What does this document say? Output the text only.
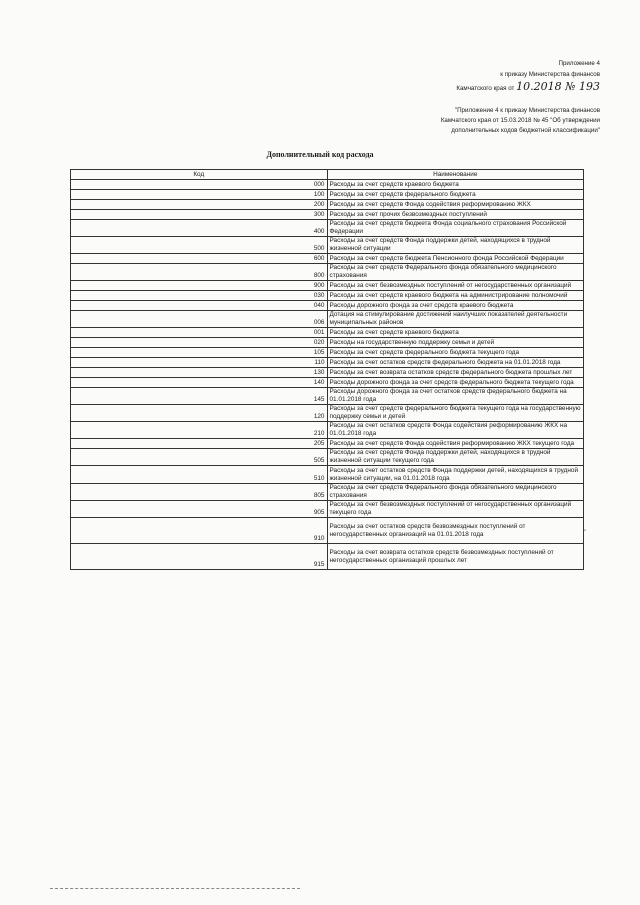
Приложение 4
к приказу Министерства финансов
Камчатского края от 10.2018 № 193
"Приложение 4 к приказу Министерства финансов
Камчатского края от 15.03.2018 № 45 "Об утверждении
дополнительных кодов бюджетной классификации"
Дополнительный код расхода
Код	Наименование
000	Расходы за счет средств краевого бюджета
100	Расходы за счет средств федерального бюджета
200	Расходы за счет средств Фонда содействия реформированию ЖКХ
300	Расходы за счет прочих безвозмездных поступлений
400	Расходы за счет средств бюджета Фонда социального страхования Российской Федерации
500	Расходы за счет средств Фонда поддержки детей, находящихся в трудной жизненной ситуации
600	Расходы за счет средств бюджета Пенсионного фонда Российской Федерации
800	Расходы за счет средств Федерального фонда обязательного медицинского страхования
900	Расходы за счет безвозмездных поступлений от негосударственных организаций
030	Расходы за счет средств краевого бюджета на администрирование полномочий
040	Расходы дорожного фонда за счет средств краевого бюджета
006	Дотация на стимулирование достижений наилучших показателей деятельности муниципальных районов
001	Расходы за счет средств краевого бюджета
020	Расходы на государственную поддержку семьи и детей
105	Расходы за счет средств федерального бюджета текущего года
110	Расходы за счет остатков средств федерального бюджета на 01.01.2018 года
130	Расходы за счет возврата остатков средств федерального бюджета прошлых лет
140	Расходы дорожного фонда за счет средств федерального бюджета текущего года
145	Расходы дорожного фонда за счет остатков средств федерального бюджета на 01.01.2018 года
120	Расходы за счет средств федерального бюджета текущего года на государственную поддержку семьи и детей
210	Расходы за счет остатков средств Фонда содействия реформированию ЖКХ на 01.01.2018 года
205	Расходы за счет средств Фонда содействия реформированию ЖКХ текущего года
505	Расходы за счет средств Фонда поддержки детей, находящихся в трудной жизненной ситуации текущего года
510	Расходы за счет остатков средств Фонда поддержки детей, находящихся в трудной жизненной ситуации, на 01.01.2018 года
805	Расходы за счет средств Федерального фонда обязательного медицинского страхования
905	Расходы за счет безвозмездных поступлений от негосударственных организаций текущего года
910	Расходы за счет остатков средств безвозмездных поступлений от негосударственных организаций на 01.01.2018 года
915	Расходы за счет возврата остатков средств безвозмездных поступлений от негосударственных организаций прошлых лет
"
